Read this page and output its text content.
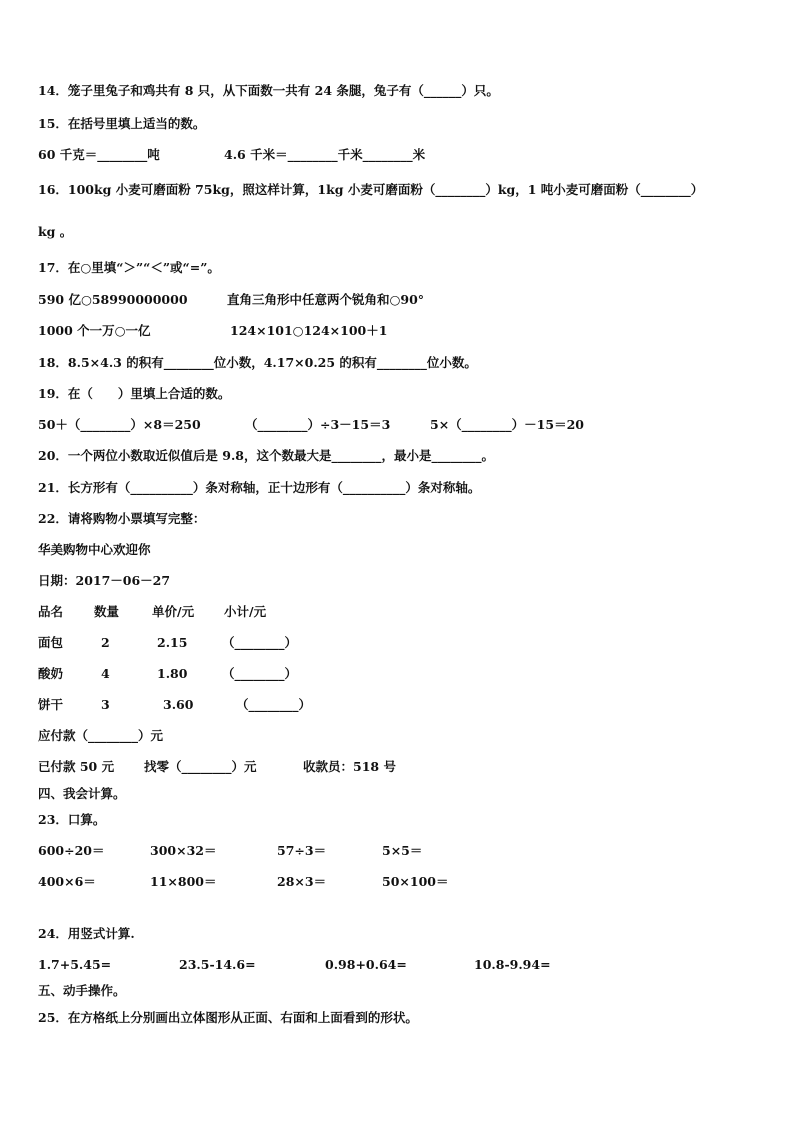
14．笼子里兔子和鸡共有 8 只，从下面数一共有 24 条腿，兔子有（______）只。
15．在括号里填上适当的数。
60 千克＝________吨	4.6 千米＝________千米________米
16．100kg 小麦可磨面粉 75kg，照这样计算，1kg 小麦可磨面粉（________）kg，1 吨小麦可磨面粉（________）
kg 。
17．在○里填“＞”“＜”或“=”。
590 亿○58990000000	直角三角形中任意两个锐角和○90°
1000 个一万○一亿	124×101○124×100＋1
18．8.5×4.3 的积有________位小数，4.17×0.25 的积有________位小数。
19．在（　　）里填上合适的数。
50＋（________）×8＝250	（________）÷3－15＝3	5×（________）－15＝20
20．一个两位小数取近似值后是 9.8，这个数最大是________，最小是________。
21．长方形有（__________）条对称轴，正十边形有（__________）条对称轴。
22．请将购物小票填写完整：
华美购物中心欢迎你
日期：2017－06－27
品名 数量	单价/元 小计/元
面包	2	2.15	（________）
酸奶	4	1.80	（________）
饼干	3	3.60	（________）
应付款（________）元
已付款 50 元 找零（________）元	收款员：518 号
四、我会计算。
23．口算。
600÷20＝	300×32＝	57÷3＝	5×5＝
400×6＝	11×800＝	28×3＝	50×100＝
24．用竖式计算.
1.7+5.45=	23.5-14.6=	0.98+0.64=	10.8-9.94=
五、动手操作。
25．在方格纸上分别画出立体图形从正面、右面和上面看到的形状。
